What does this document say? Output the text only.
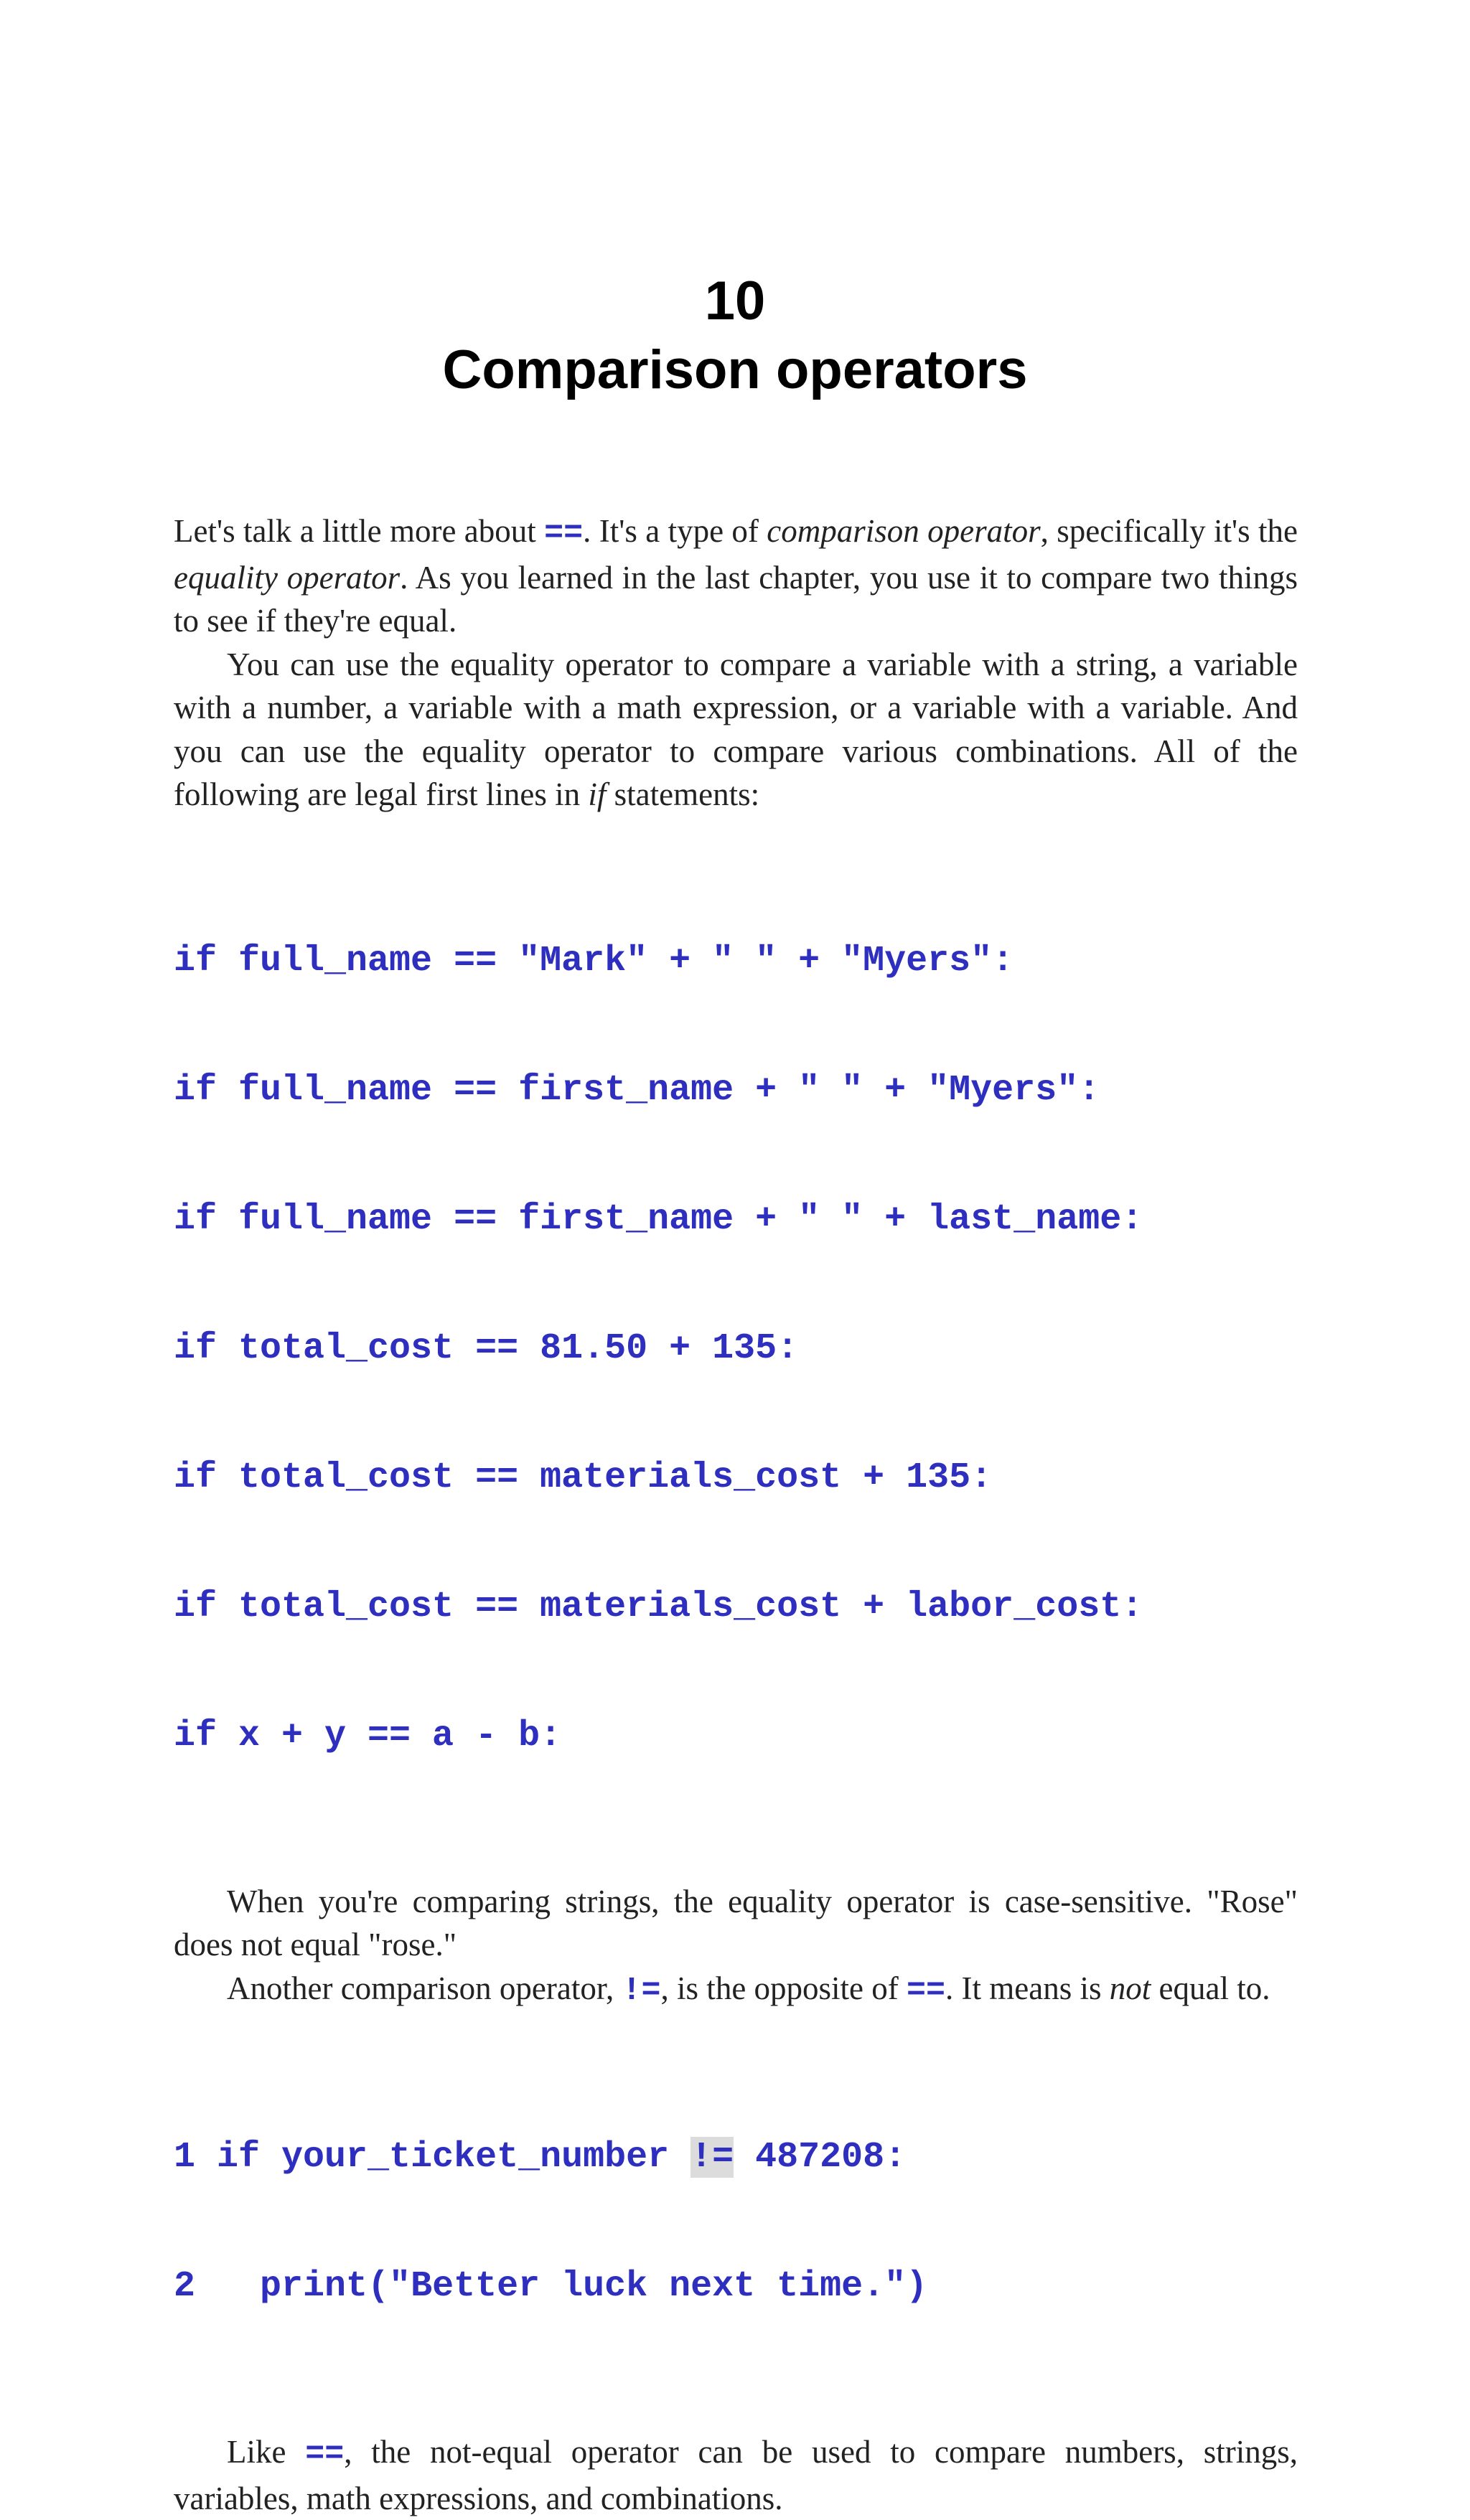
10
Comparison operators

Let's talk a little more about ==. It's a type of comparison operator, specifically it's the equality operator. As you learned in the last chapter, you use it to compare two things to see if they're equal.

You can use the equality operator to compare a variable with a string, a variable with a number, a variable with a math expression, or a variable with a variable. And you can use the equality operator to compare various combinations. All of the following are legal first lines in if statements:

if full_name == "Mark" + " " + "Myers":

if full_name == first_name + " " + "Myers":

if full_name == first_name + " " + last_name:

if total_cost == 81.50 + 135:

if total_cost == materials_cost + 135:

if total_cost == materials_cost + labor_cost:

if x + y == a - b:

When you're comparing strings, the equality operator is case-sensitive. "Rose" does not equal "rose."

Another comparison operator, !=, is the opposite of ==. It means is not equal to.

1 if your_ticket_number != 487208:

2   print("Better luck next time.")

Like ==, the not-equal operator can be used to compare numbers, strings, variables, math expressions, and combinations.
